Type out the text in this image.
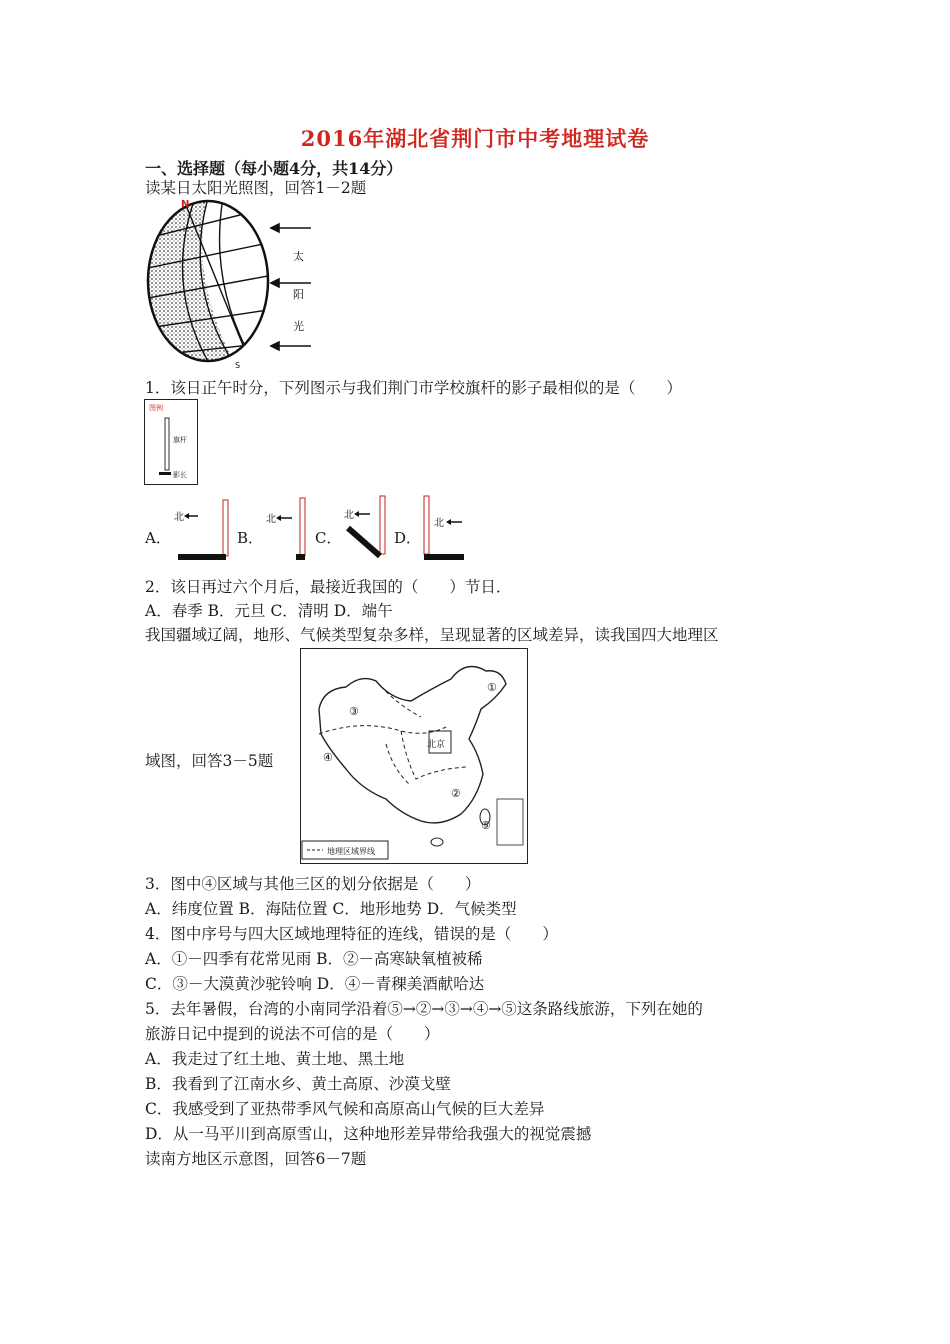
2016年湖北省荆门市中考地理试卷
一、选择题（每小题4分，共14分）
读某日太阳光照图，回答1－2题
N
S
太
阳
光
1．该日正午时分，下列图示与我们荆门市学校旗杆的影子最相似的是（　　）
图例
旗杆
影长
A．
北
B．
北
C．
北
D．
北
2．该日再过六个月后，最接近我国的（　　）节日．
A．春季 B．元旦 C．清明 D．端午
我国疆域辽阔，地形、气候类型复杂多样，呈现显著的区域差异，读我国四大地理区
北京
①
②
③
④
⑤
地理区域界线
域图，回答3－5题
3．图中④区域与其他三区的划分依据是（　　）
A．纬度位置 B．海陆位置 C．地形地势 D．气候类型
4．图中序号与四大区域地理特征的连线，错误的是（　　）
A．①－四季有花常见雨 B．②－高寒缺氧植被稀
C．③－大漠黄沙驼铃响 D．④－青稞美酒献哈达
5．去年暑假，台湾的小南同学沿着⑤→②→③→④→⑤这条路线旅游，下列在她的
旅游日记中提到的说法不可信的是（　　）
A．我走过了红土地、黄土地、黑土地
B．我看到了江南水乡、黄土高原、沙漠戈壁
C．我感受到了亚热带季风气候和高原高山气候的巨大差异
D．从一马平川到高原雪山，这种地形差异带给我强大的视觉震撼
读南方地区示意图，回答6－7题
